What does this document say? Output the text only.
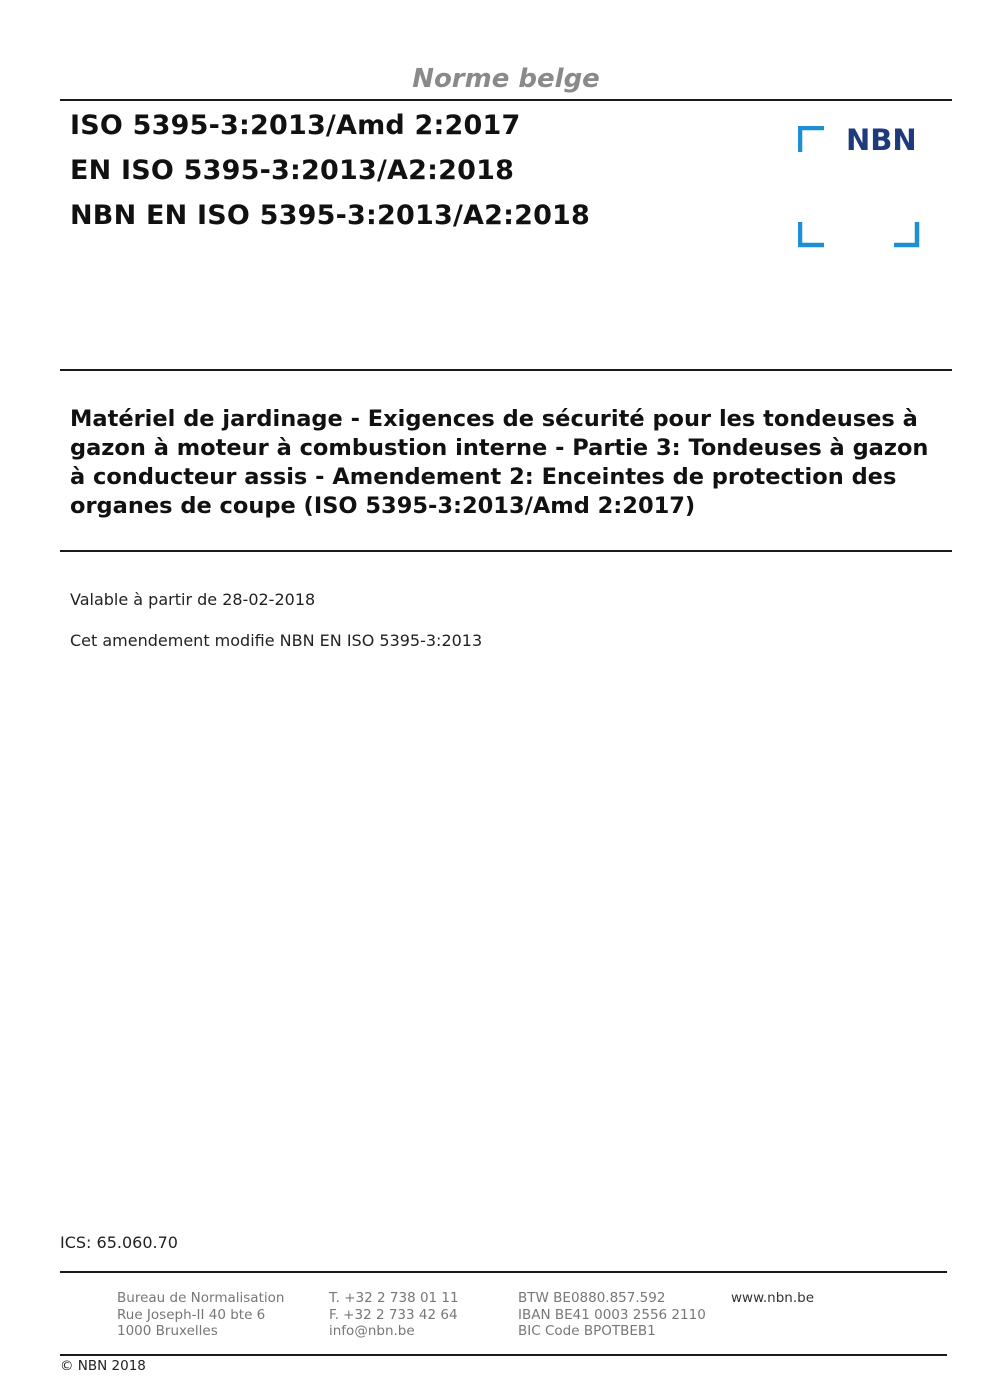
Norme belge
ISO 5395-3:2013/Amd 2:2017
EN ISO 5395-3:2013/A2:2018
NBN EN ISO 5395-3:2013/A2:2018
NBN
Matériel de jardinage - Exigences de sécurité pour les tondeuses à gazon à moteur à combustion interne - Partie 3: Tondeuses à gazon à conducteur assis - Amendement 2: Enceintes de protection des organes de coupe (ISO 5395-3:2013/Amd 2:2017)
Valable à partir de 28-02-2018
Cet amendement modifie NBN EN ISO 5395-3:2013
ICS: 65.060.70
Bureau de Normalisation
Rue Joseph-II 40 bte 6
1000 Bruxelles
T. +32 2 738 01 11
F. +32 2 733 42 64
info@nbn.be
BTW BE0880.857.592
IBAN BE41 0003 2556 2110
BIC Code BPOTBEB1
www.nbn.be
© NBN 2018
